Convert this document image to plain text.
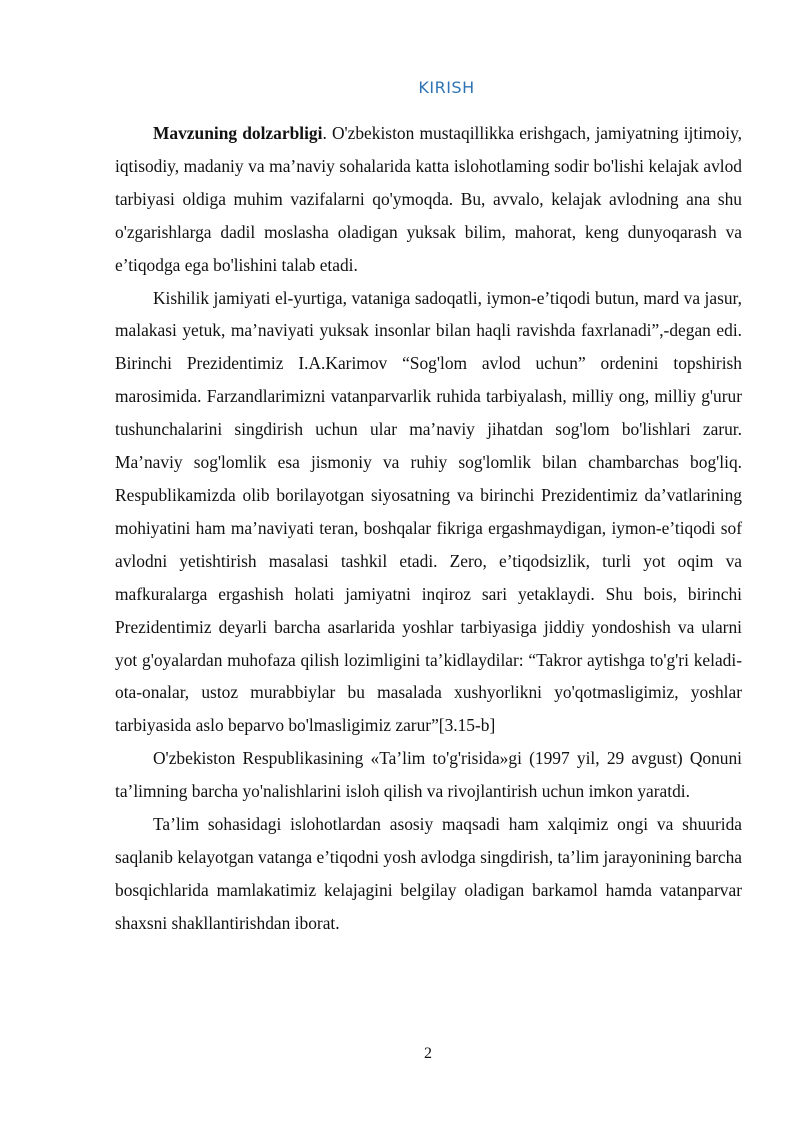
KIRISH

Mavzuning dolzarbligi. O'zbekiston mustaqillikka erishgach, jamiyatning ijtimoiy, iqtisodiy, madaniy va ma’naviy sohalarida katta islohotlaming sodir bo'lishi kelajak avlod tarbiyasi oldiga muhim vazifalarni qo'ymoqda. Bu, avvalo, kelajak avlodning ana shu o'zgarishlarga dadil moslasha oladigan yuksak bilim, mahorat, keng dunyoqarash va e’tiqodga ega bo'lishini talab etadi.

Kishilik jamiyati el-yurtiga, vataniga sadoqatli, iymon-e’tiqodi butun, mard va jasur, malakasi yetuk, ma’naviyati yuksak insonlar bilan haqli ravishda faxrlanadi”,-degan edi. Birinchi Prezidentimiz I.A.Karimov “Sog'lom avlod uchun” ordenini topshirish marosimida. Farzandlarimizni vatanparvarlik ruhida tarbiyalash, milliy ong, milliy g'urur tushunchalarini singdirish uchun ular ma’naviy jihatdan sog'lom bo'lishlari zarur. Ma’naviy sog'lomlik esa jismoniy va ruhiy sog'lomlik bilan chambarchas bog'liq. Respublikamizda olib borilayotgan siyosatning va birinchi Prezidentimiz da’vatlarining mohiyatini ham ma’naviyati teran, boshqalar fikriga ergashmaydigan, iymon-e’tiqodi sof avlodni yetishtirish masalasi tashkil etadi. Zero, e’tiqodsizlik, turli yot oqim va mafkuralarga ergashish holati jamiyatni inqiroz sari yetaklaydi. Shu bois, birinchi Prezidentimiz deyarli barcha asarlarida yoshlar tarbiyasiga jiddiy yondoshish va ularni yot g'oyalardan muhofaza qilish lozimligini ta’kidlaydilar: “Takror aytishga to'g'ri keladi-ota-onalar, ustoz murabbiylar bu masalada xushyorlikni yo'qotmasligimiz, yoshlar tarbiyasida aslo beparvo bo'lmasligimiz zarur”[3.15-b]

O'zbekiston Respublikasining «Ta’lim to'g'risida»gi (1997 yil, 29 avgust) Qonuni ta’limning barcha yo'nalishlarini isloh qilish va rivojlantirish uchun imkon yaratdi.

Ta’lim sohasidagi islohotlardan asosiy maqsadi ham xalqimiz ongi va shuurida saqlanib kelayotgan vatanga e’tiqodni yosh avlodga singdirish, ta’lim jarayonining barcha bosqichlarida mamlakatimiz kelajagini belgilay oladigan barkamol hamda vatanparvar shaxsni shakllantirishdan iborat.

2
